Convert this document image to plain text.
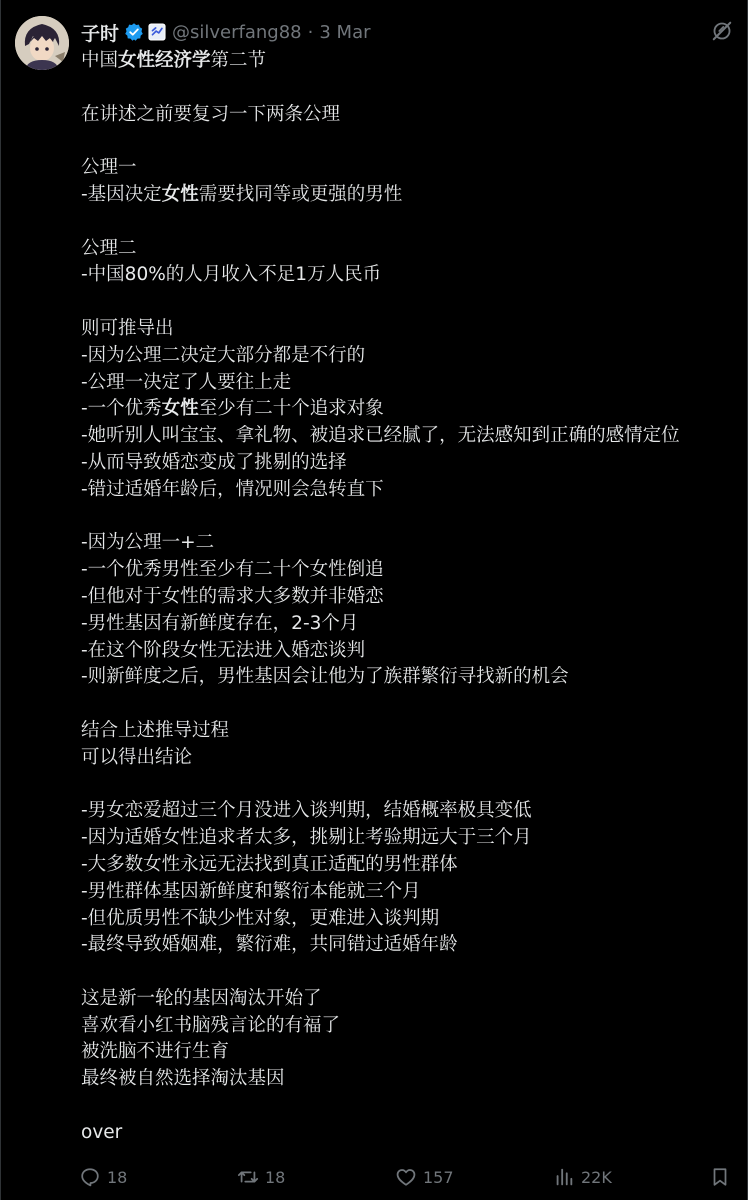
子时	@silverfang88 · 3 Mar
中国女性经济学第二节
在讲述之前要复习一下两条公理
公理一
-基因决定女性需要找同等或更强的男性
公理二
-中国80%的人月收入不足1万人民币
则可推导出
-因为公理二决定大部分都是不行的
-公理一决定了人要往上走
-一个优秀女性至少有二十个追求对象
-她听别人叫宝宝、拿礼物、被追求已经腻了，无法感知到正确的感情定位
-从而导致婚恋变成了挑剔的选择
-错过适婚年龄后，情况则会急转直下
-因为公理一+二
-一个优秀男性至少有二十个女性倒追
-但他对于女性的需求大多数并非婚恋
-男性基因有新鲜度存在，2-3个月
-在这个阶段女性无法进入婚恋谈判
-则新鲜度之后，男性基因会让他为了族群繁衍寻找新的机会
结合上述推导过程
可以得出结论
-男女恋爱超过三个月没进入谈判期，结婚概率极具变低
-因为适婚女性追求者太多，挑剔让考验期远大于三个月
-大多数女性永远无法找到真正适配的男性群体
-男性群体基因新鲜度和繁衍本能就三个月
-但优质男性不缺少性对象，更难进入谈判期
-最终导致婚姻难，繁衍难，共同错过适婚年龄
这是新一轮的基因淘汰开始了
喜欢看小红书脑残言论的有福了
被洗脑不进行生育
最终被自然选择淘汰基因
over
18	18	157	22K
